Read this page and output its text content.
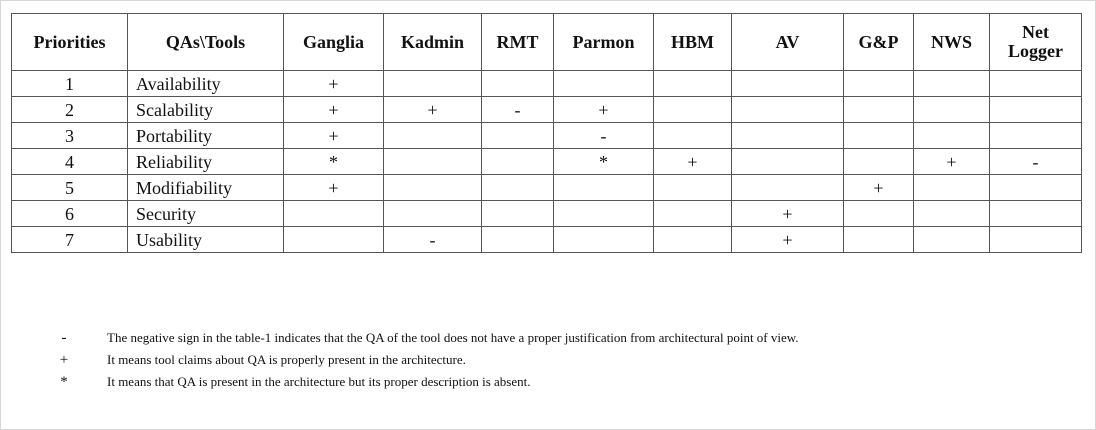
Priorities	QAs\Tools	Ganglia	Kadmin	RMT	Parmon	HBM	AV	G&P	NWS	Net Logger
1	Availability	+								
2	Scalability	+	+	-	+					
3	Portability	+			-					
4	Reliability	*			*	+			+	-
5	Modifiability	+						+		
6	Security						+			
7	Usability		-				+			
-	The negative sign in the table-1 indicates that the QA of the tool does not have a proper justification from architectural point of view.
+	It means tool claims about QA is properly present in the architecture.
*	It means that QA is present in the architecture but its proper description is absent.
